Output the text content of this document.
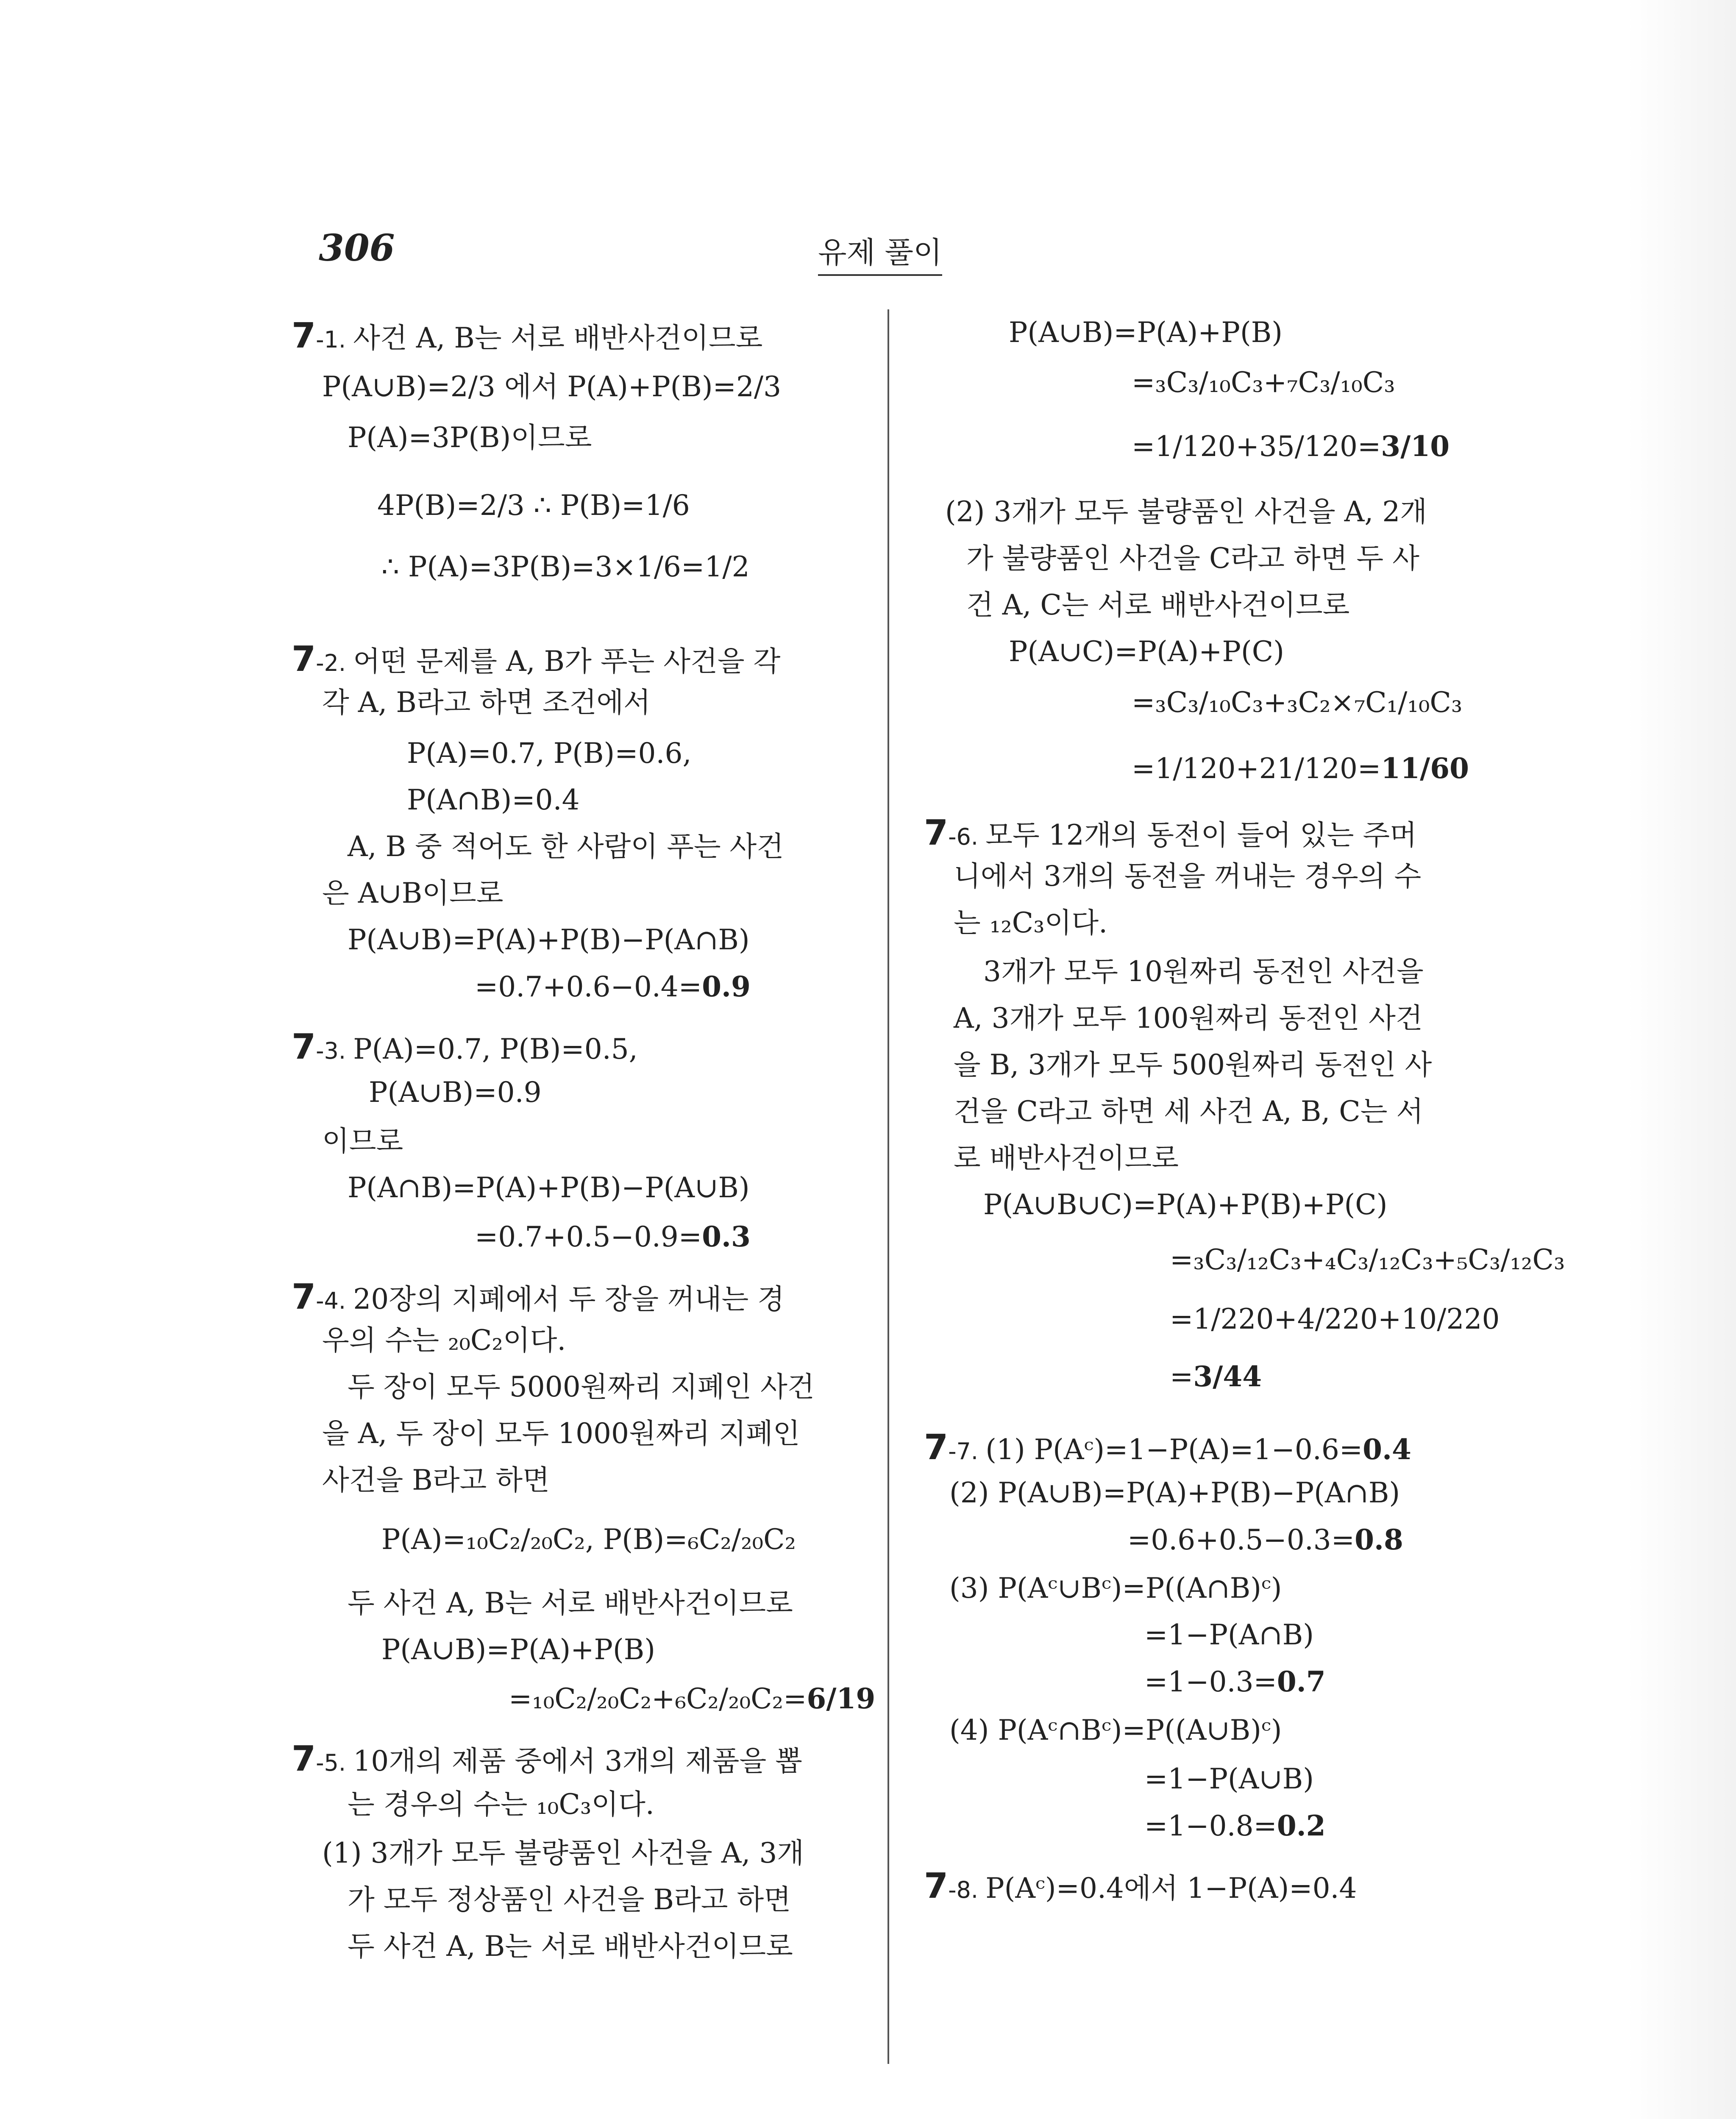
306	유제 풀이
7-1. 사건 A, B는 서로 배반사건이므로
P(A∪B)=2/3 에서 P(A)+P(B)=2/3
P(A)=3P(B)이므로
4P(B)=2/3 ∴ P(B)=1/6
∴ P(A)=3P(B)=3×1/6=1/2
7-2. 어떤 문제를 A, B가 푸는 사건을 각
각 A, B라고 하면 조건에서
P(A)=0.7, P(B)=0.6,
P(A∩B)=0.4
A, B 중 적어도 한 사람이 푸는 사건
은 A∪B이므로
P(A∪B)=P(A)+P(B)−P(A∩B)
=0.7+0.6−0.4=0.9
7-3. P(A)=0.7, P(B)=0.5,
P(A∪B)=0.9
이므로
P(A∩B)=P(A)+P(B)−P(A∪B)
=0.7+0.5−0.9=0.3
7-4. 20장의 지폐에서 두 장을 꺼내는 경
우의 수는 ₂₀C₂이다.
두 장이 모두 5000원짜리 지폐인 사건
을 A, 두 장이 모두 1000원짜리 지폐인
사건을 B라고 하면
P(A)=₁₀C₂/₂₀C₂, P(B)=₆C₂/₂₀C₂
두 사건 A, B는 서로 배반사건이므로
P(A∪B)=P(A)+P(B)
=₁₀C₂/₂₀C₂+₆C₂/₂₀C₂=6/19
7-5. 10개의 제품 중에서 3개의 제품을 뽑
는 경우의 수는 ₁₀C₃이다.
(1) 3개가 모두 불량품인 사건을 A, 3개
가 모두 정상품인 사건을 B라고 하면
두 사건 A, B는 서로 배반사건이므로
P(A∪B)=P(A)+P(B)
=₃C₃/₁₀C₃+₇C₃/₁₀C₃
=1/120+35/120=3/10
(2) 3개가 모두 불량품인 사건을 A, 2개
가 불량품인 사건을 C라고 하면 두 사
건 A, C는 서로 배반사건이므로
P(A∪C)=P(A)+P(C)
=₃C₃/₁₀C₃+₃C₂×₇C₁/₁₀C₃
=1/120+21/120=11/60
7-6. 모두 12개의 동전이 들어 있는 주머
니에서 3개의 동전을 꺼내는 경우의 수
는 ₁₂C₃이다.
3개가 모두 10원짜리 동전인 사건을
A, 3개가 모두 100원짜리 동전인 사건
을 B, 3개가 모두 500원짜리 동전인 사
건을 C라고 하면 세 사건 A, B, C는 서
로 배반사건이므로
P(A∪B∪C)=P(A)+P(B)+P(C)
=₃C₃/₁₂C₃+₄C₃/₁₂C₃+₅C₃/₁₂C₃
=1/220+4/220+10/220
=3/44
7-7. (1) P(Aᶜ)=1−P(A)=1−0.6=0.4
(2) P(A∪B)=P(A)+P(B)−P(A∩B)
=0.6+0.5−0.3=0.8
(3) P(Aᶜ∪Bᶜ)=P((A∩B)ᶜ)
=1−P(A∩B)
=1−0.3=0.7
(4) P(Aᶜ∩Bᶜ)=P((A∪B)ᶜ)
=1−P(A∪B)
=1−0.8=0.2
7-8. P(Aᶜ)=0.4에서 1−P(A)=0.4
